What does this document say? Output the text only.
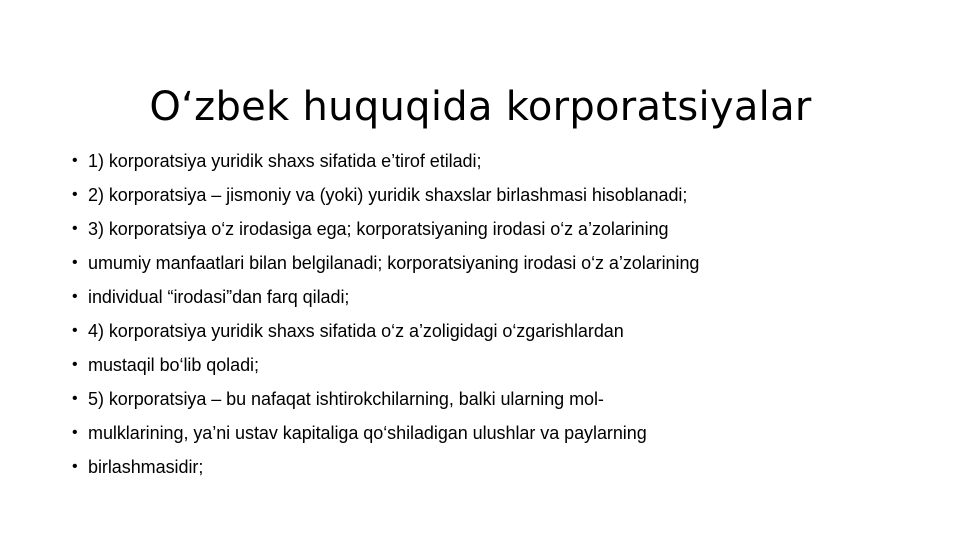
O‘zbek huquqida korporatsiyalar
• 1) korporatsiya yuridik shaxs sifatida e’tirof etiladi;
• 2) korporatsiya – jismoniy va (yoki) yuridik shaxslar birlashmasi hisoblanadi;
• 3) korporatsiya o‘z irodasiga ega; korporatsiyaning irodasi o‘z a’zolarining
• umumiy manfaatlari bilan belgilanadi; korporatsiyaning irodasi o‘z a’zolarining
• individual “irodasi”dan farq qiladi;
• 4) korporatsiya yuridik shaxs sifatida o‘z a’zoligidagi o‘zgarishlardan
• mustaqil bo‘lib qoladi;
• 5) korporatsiya – bu nafaqat ishtirokchilarning, balki ularning mol-
• mulklarining, ya’ni ustav kapitaliga qo‘shiladigan ulushlar va paylarning
• birlashmasidir;
